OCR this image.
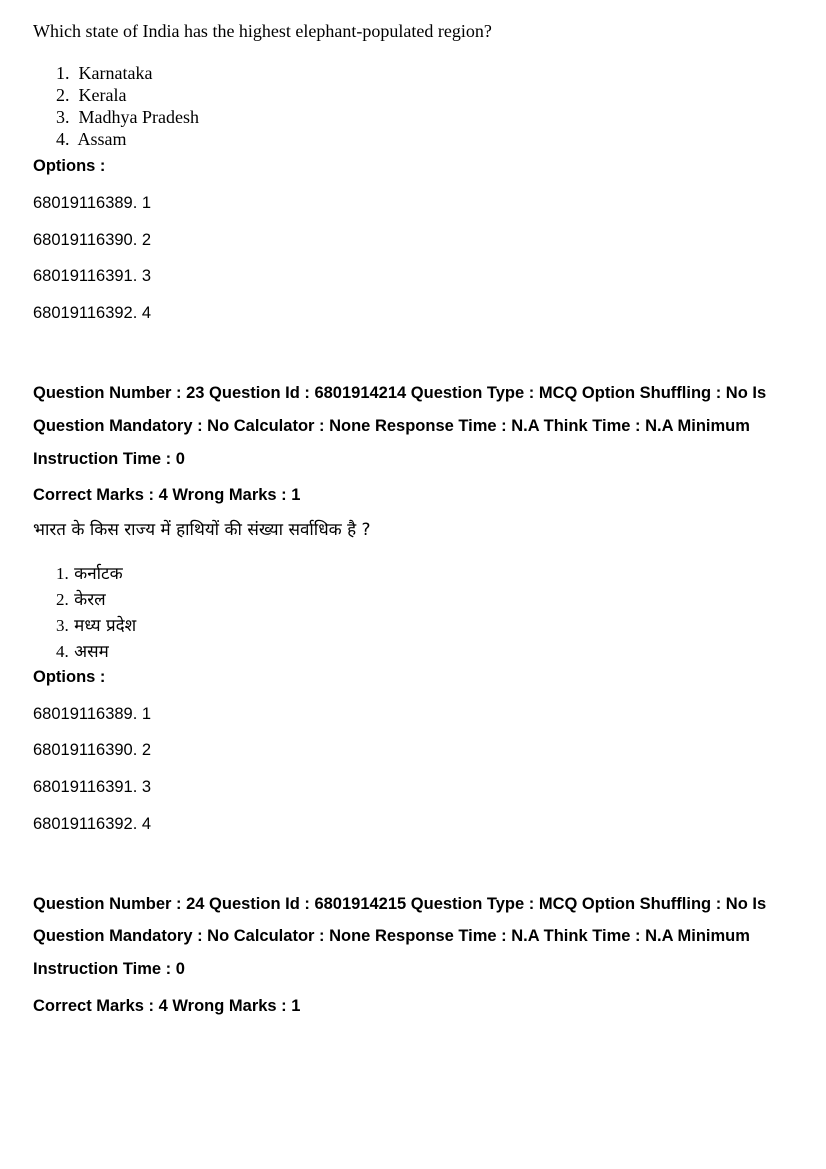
Which state of India has the highest elephant-populated region?
1. Karnataka
2. Kerala
3. Madhya Pradesh
4. Assam
Options :
68019116389. 1
68019116390. 2
68019116391. 3
68019116392. 4
Question Number : 23 Question Id : 6801914214 Question Type : MCQ Option Shuffling : No Is
Question Mandatory : No Calculator : None Response Time : N.A Think Time : N.A Minimum
Instruction Time : 0
Correct Marks : 4 Wrong Marks : 1
भारत के किस राज्य में हाथियों की संख्या सर्वाधिक है ?
1. कर्नाटक
2. केरल
3. मध्य प्रदेश
4. असम
Options :
68019116389. 1
68019116390. 2
68019116391. 3
68019116392. 4
Question Number : 24 Question Id : 6801914215 Question Type : MCQ Option Shuffling : No Is
Question Mandatory : No Calculator : None Response Time : N.A Think Time : N.A Minimum
Instruction Time : 0
Correct Marks : 4 Wrong Marks : 1
